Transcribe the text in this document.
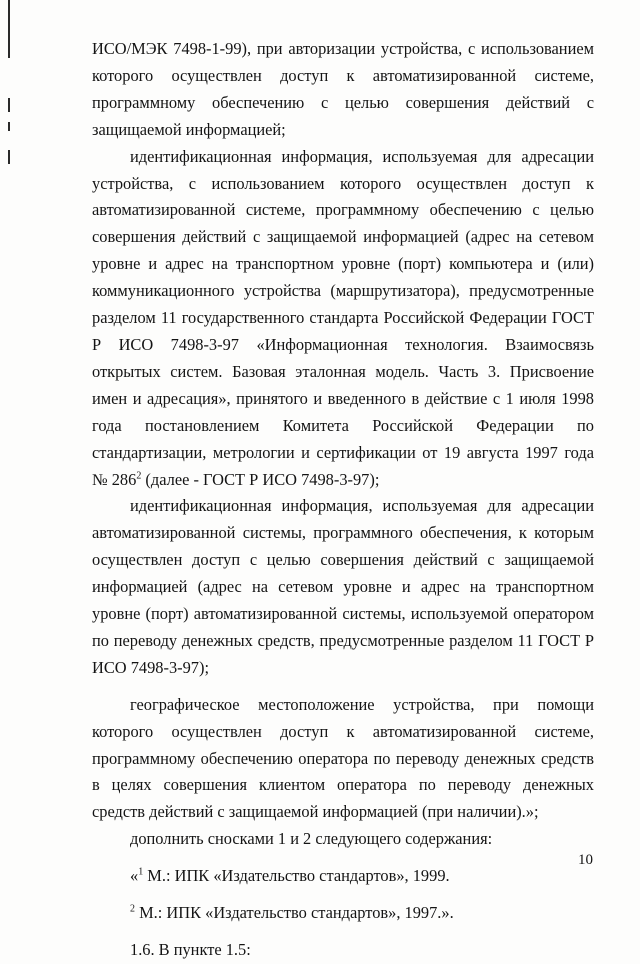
ИСО/МЭК 7498-1-99), при авторизации устройства, с использованием которого осуществлен доступ к автоматизированной системе, программному обеспечению с целью совершения действий с защищаемой информацией;

идентификационная информация, используемая для адресации устройства, с использованием которого осуществлен доступ к автоматизированной системе, программному обеспечению с целью совершения действий с защищаемой информацией (адрес на сетевом уровне и адрес на транспортном уровне (порт) компьютера и (или) коммуникационного устройства (маршрутизатора), предусмотренные разделом 11 государственного стандарта Российской Федерации ГОСТ Р ИСО 7498-3-97 «Информационная технология. Взаимосвязь открытых систем. Базовая эталонная модель. Часть 3. Присвоение имен и адресация», принятого и введенного в действие с 1 июля 1998 года постановлением Комитета Российской Федерации по стандартизации, метрологии и сертификации от 19 августа 1997 года № $286^2$ (далее - ГОСТ Р ИСО 7498-3-97);

идентификационная информация, используемая для адресации автоматизированной системы, программного обеспечения, к которым осуществлен доступ с целью совершения действий с защищаемой информацией (адрес на сетевом уровне и адрес на транспортном уровне (порт) автоматизированной системы, используемой оператором по переводу денежных средств, предусмотренные разделом 11 ГОСТ Р ИСО 7498-3-97);

географическое местоположение устройства, при помощи которого осуществлен доступ к автоматизированной системе, программному обеспечению оператора по переводу денежных средств в целях совершения клиентом оператора по переводу денежных средств действий с защищаемой информацией (при наличии).»;

дополнить сносками 1 и 2 следующего содержания:

«$^1$ М.: ИПК «Издательство стандартов», 1999.

$^2$ М.: ИПК «Издательство стандартов», 1997.».

1.6. В пункте 1.5:

10
